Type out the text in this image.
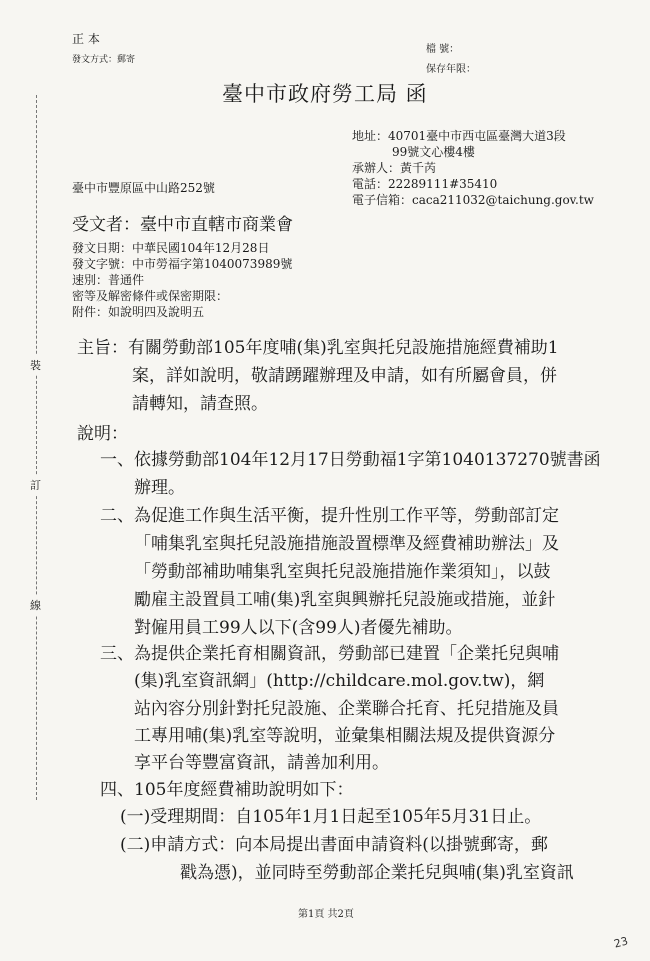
正 本
發文方式：郵寄
檔 號：
保存年限：
臺中市政府勞工局 函
地址：40701臺中市西屯區臺灣大道3段
99號文心樓4樓
承辦人：黃千芮
電話：22289111#35410
電子信箱：caca211032@taichung.gov.tw
臺中市豐原區中山路252號
受文者：臺中市直轄市商業會
發文日期：中華民國104年12月28日
發文字號：中市勞福字第1040073989號
速別：普通件
密等及解密條件或保密期限：
附件：如說明四及說明五
裝
訂
線
主旨：有關勞動部105年度哺(集)乳室與托兒設施措施經費補助1
案，詳如說明，敬請踴躍辦理及申請，如有所屬會員，併
請轉知，請查照。
說明：
一、依據勞動部104年12月17日勞動福1字第1040137270號書函
辦理。
二、為促進工作與生活平衡，提升性別工作平等，勞動部訂定
「哺集乳室與托兒設施措施設置標準及經費補助辦法」及
「勞動部補助哺集乳室與托兒設施措施作業須知」，以鼓
勵雇主設置員工哺(集)乳室與興辦托兒設施或措施，並針
對僱用員工99人以下(含99人)者優先補助。
三、為提供企業托育相關資訊，勞動部已建置「企業托兒與哺
(集)乳室資訊網」(http://childcare.mol.gov.tw)，網
站內容分別針對托兒設施、企業聯合托育、托兒措施及員
工專用哺(集)乳室等說明，並彙集相關法規及提供資源分
享平台等豐富資訊，請善加利用。
四、105年度經費補助說明如下：
(一)受理期間：自105年1月1日起至105年5月31日止。
(二)申請方式：向本局提出書面申請資料(以掛號郵寄，郵
戳為憑)，並同時至勞動部企業托兒與哺(集)乳室資訊
第1頁 共2頁
23
